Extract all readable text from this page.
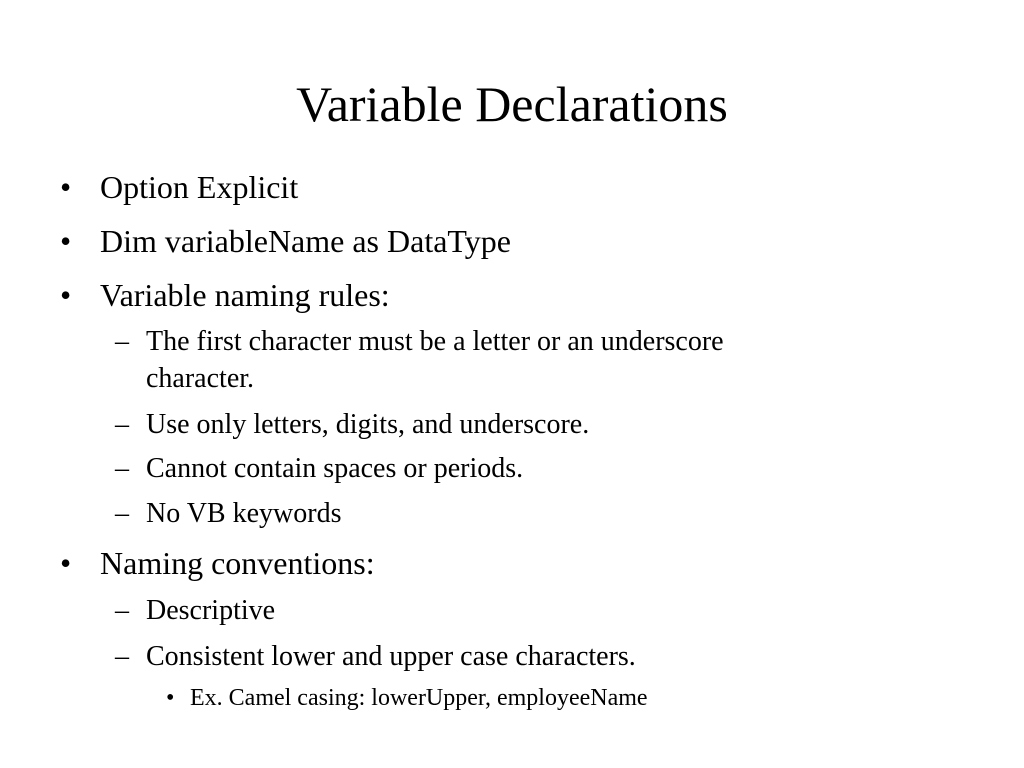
Variable Declarations
• Option Explicit
• Dim variableName as DataType
• Variable naming rules:
– The first character must be a letter or an underscore
character.
– Use only letters, digits, and underscore.
– Cannot contain spaces or periods.
– No VB keywords
• Naming conventions:
– Descriptive
– Consistent lower and upper case characters.
• Ex. Camel casing: lowerUpper, employeeName
